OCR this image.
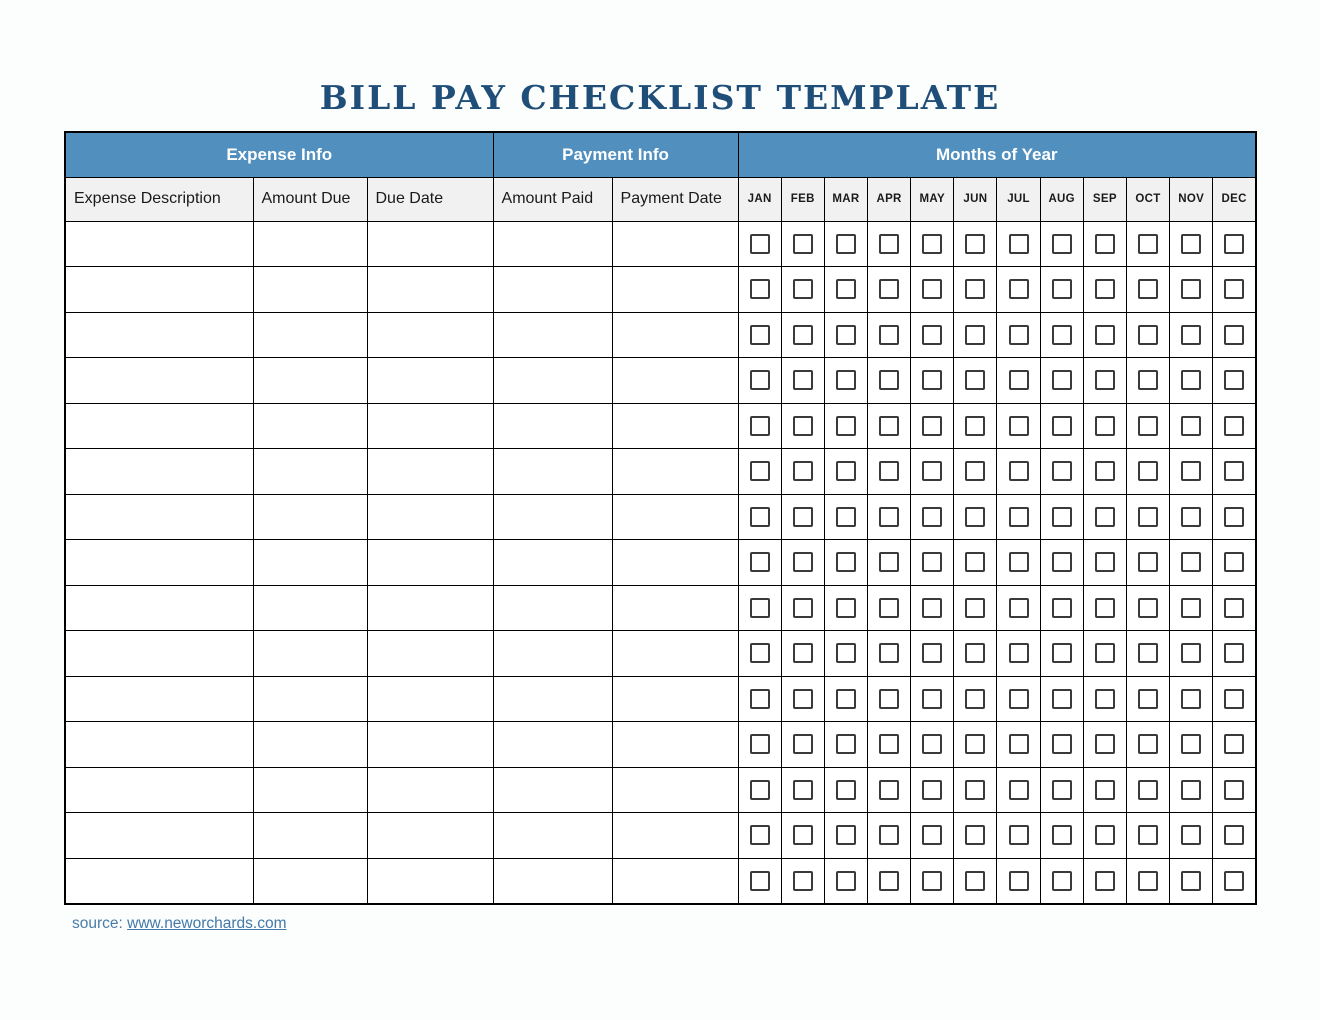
BILL PAY CHECKLIST TEMPLATE
Expense Info			Payment Info		Months of Year											
Expense Description	Amount Due	Due Date	Amount Paid	Payment Date	JAN	FEB	MAR	APR	MAY	JUN	JUL	AUG	SEP	OCT	NOV	DEC

source: www.neworchards.com
